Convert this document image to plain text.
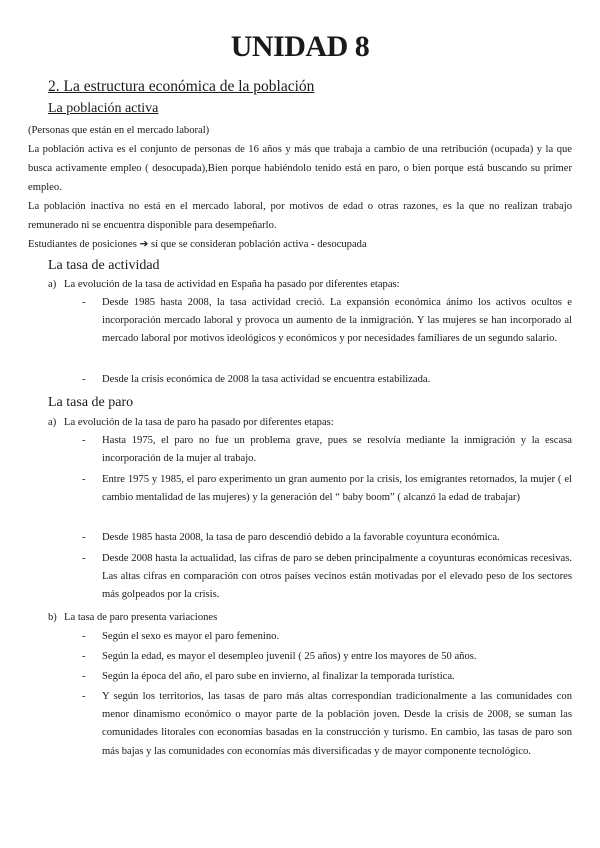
UNIDAD 8
2. La estructura económica de la población
La población activa

(Personas que están en el mercado laboral)

La población activa es el conjunto de personas de 16 años y más que trabaja a cambio de una retribución (ocupada) y la que busca activamente empleo ( desocupada),Bien porque habiéndolo tenido está en paro, o bien porque está buscando su primer empleo.

La población inactiva no está en el mercado laboral, por motivos de edad o otras razones, es la que no realizan trabajo remunerado ni se encuentra disponible para desempeñarlo.

Estudiantes de posiciones ➔ sí que se consideran población activa - desocupada

La tasa de actividad
a) La evolución de la tasa de actividad en España ha pasado por diferentes etapas:
- Desde 1985 hasta 2008, la tasa actividad creció. La expansión económica ánimo los activos ocultos e incorporación mercado laboral y provoca un aumento de la inmigración. Y las mujeres se han incorporado al mercado laboral por motivos ideológicos y económicos y por necesidades familiares de un segundo salario.
- Desde la crisis económica de 2008 la tasa actividad se encuentra estabilizada.
La tasa de paro
a) La evolución de la tasa de paro ha pasado por diferentes etapas:
- Hasta 1975, el paro no fue un problema grave, pues se resolvía mediante la inmigración y la escasa incorporación de la mujer al trabajo.
- Entre 1975 y 1985, el paro experimento un gran aumento por la crisis, los emigrantes retornados, la mujer ( el cambio mentalidad de las mujeres) y la generación del “ baby boom” ( alcanzó la edad de trabajar)
- Desde 1985 hasta 2008, la tasa de paro descendió debido a la favorable coyuntura económica.
- Desde 2008 hasta la actualidad, las cifras de paro se deben principalmente a coyunturas económicas recesivas. Las altas cifras en comparación con otros países vecinos están motivadas por el elevado peso de los sectores más golpeados por la crisis.
b) La tasa de paro presenta variaciones
- Según el sexo es mayor el paro femenino.
- Según la edad, es mayor el desempleo juvenil ( 25 años) y entre los mayores de 50 años.
- Según la época del año, el paro sube en invierno, al finalizar la temporada turística.
- Y según los territorios, las tasas de paro más altas correspondían tradicionalmente a las comunidades con menor dinamismo económico o mayor parte de la población joven. Desde la crisis de 2008, se suman las comunidades litorales con economías basadas en la construcción y turismo. En cambio, las tasas de paro son más bajas y las comunidades con economías más diversificadas y de mayor componente tecnológico.
